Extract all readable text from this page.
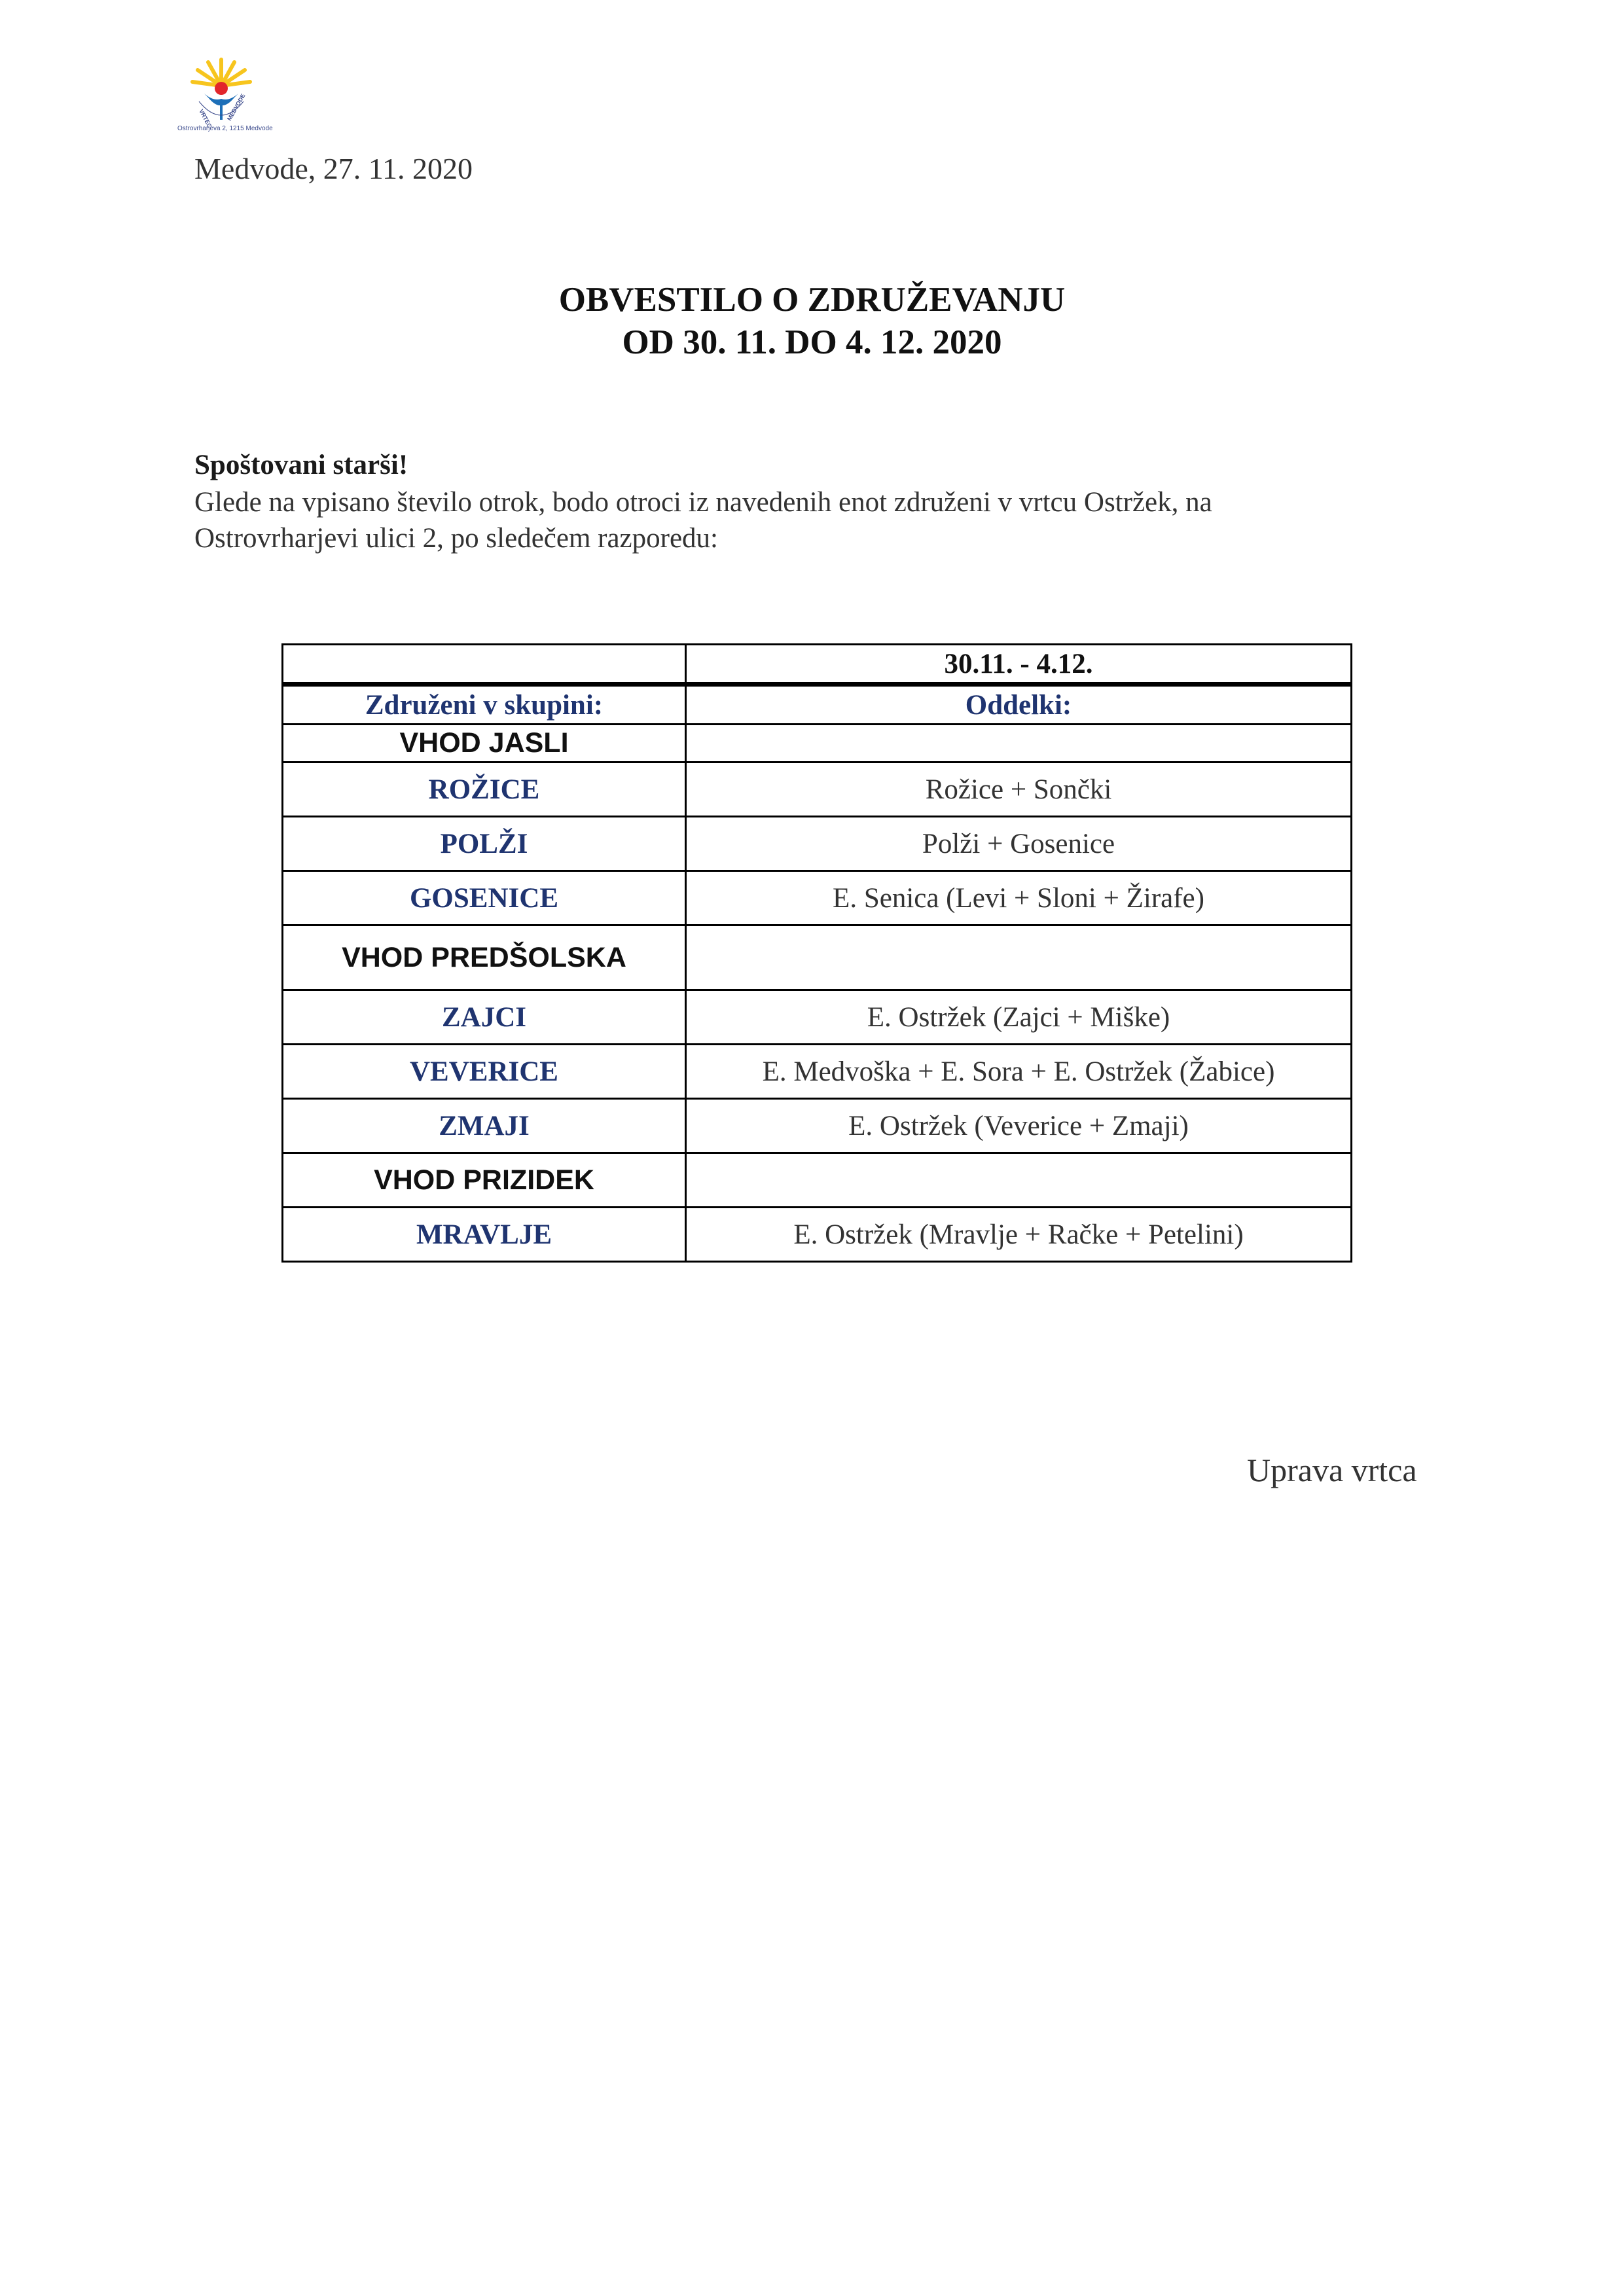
VRTEC MEDVODE
Ostrovrharjeva 2, 1215 Medvode
Medvode, 27. 11. 2020
OBVESTILO O ZDRUŽEVANJU
OD 30. 11. DO 4. 12. 2020
Spoštovani starši!

Glede na vpisano število otrok, bodo otroci iz navedenih enot združeni v vrtcu Ostržek, na

Ostrovrharjevi ulici 2, po sledečem razporedu:

	30.11. - 4.12.
Združeni v skupini:	Oddelki:
VHOD JASLI	
ROŽICE	Rožice + Sončki
POLŽI	Polži + Gosenice
GOSENICE	E. Senica (Levi + Sloni + Žirafe)
VHOD PREDŠOLSKA	
ZAJCI	E. Ostržek (Zajci + Miške)
VEVERICE	E. Medvoška + E. Sora + E. Ostržek (Žabice)
ZMAJI	E. Ostržek (Veverice + Zmaji)
VHOD PRIZIDEK	
MRAVLJE	E. Ostržek (Mravlje + Račke + Petelini)
Uprava vrtca
